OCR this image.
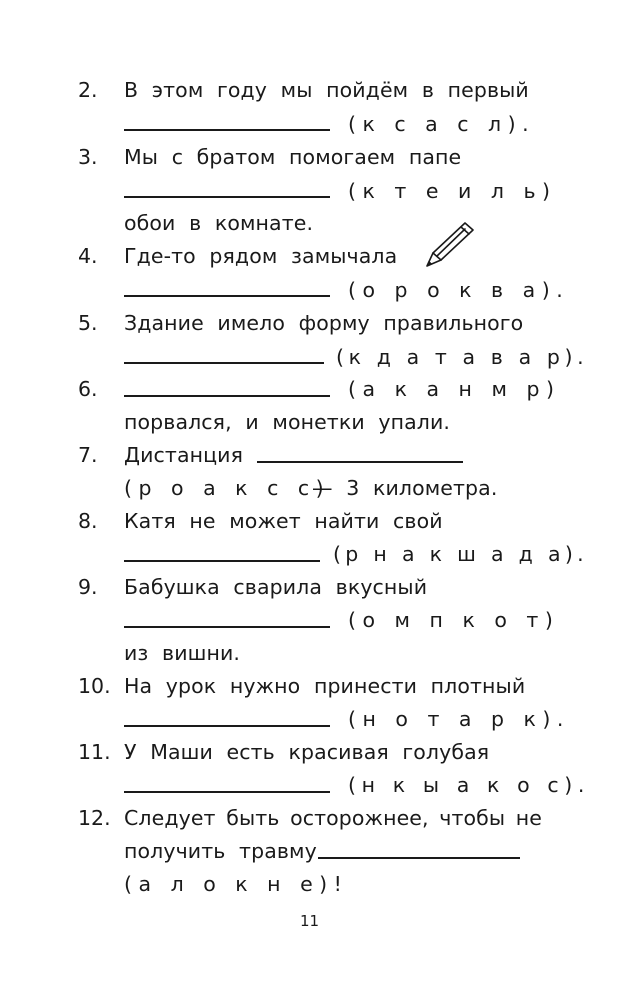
2. В этом году мы пойдём в первый
(к с а с л).
3. Мы с братом помогаем папе
(к т е и л ь)
обои в комнате.
4. Где-то рядом замычала
(о р о к в а).
5. Здание имело форму правильного
(к д а т а в а р).
6.	(а к а н м р)
порвался, и монетки упали.
7. Дистанция
(р о а к с с)
— 3 километра.
8. Катя не может найти свой
(р н а к ш а д а).
9. Бабушка сварила вкусный
(о м п к о т)
из вишни.
10. На урок нужно принести плотный
(н о т а р к).
11. У Маши есть красивая голубая
(н к ы а к о с).
12. Следует быть осторожнее, чтобы не
получить травму
(а л о к н е)!
11
